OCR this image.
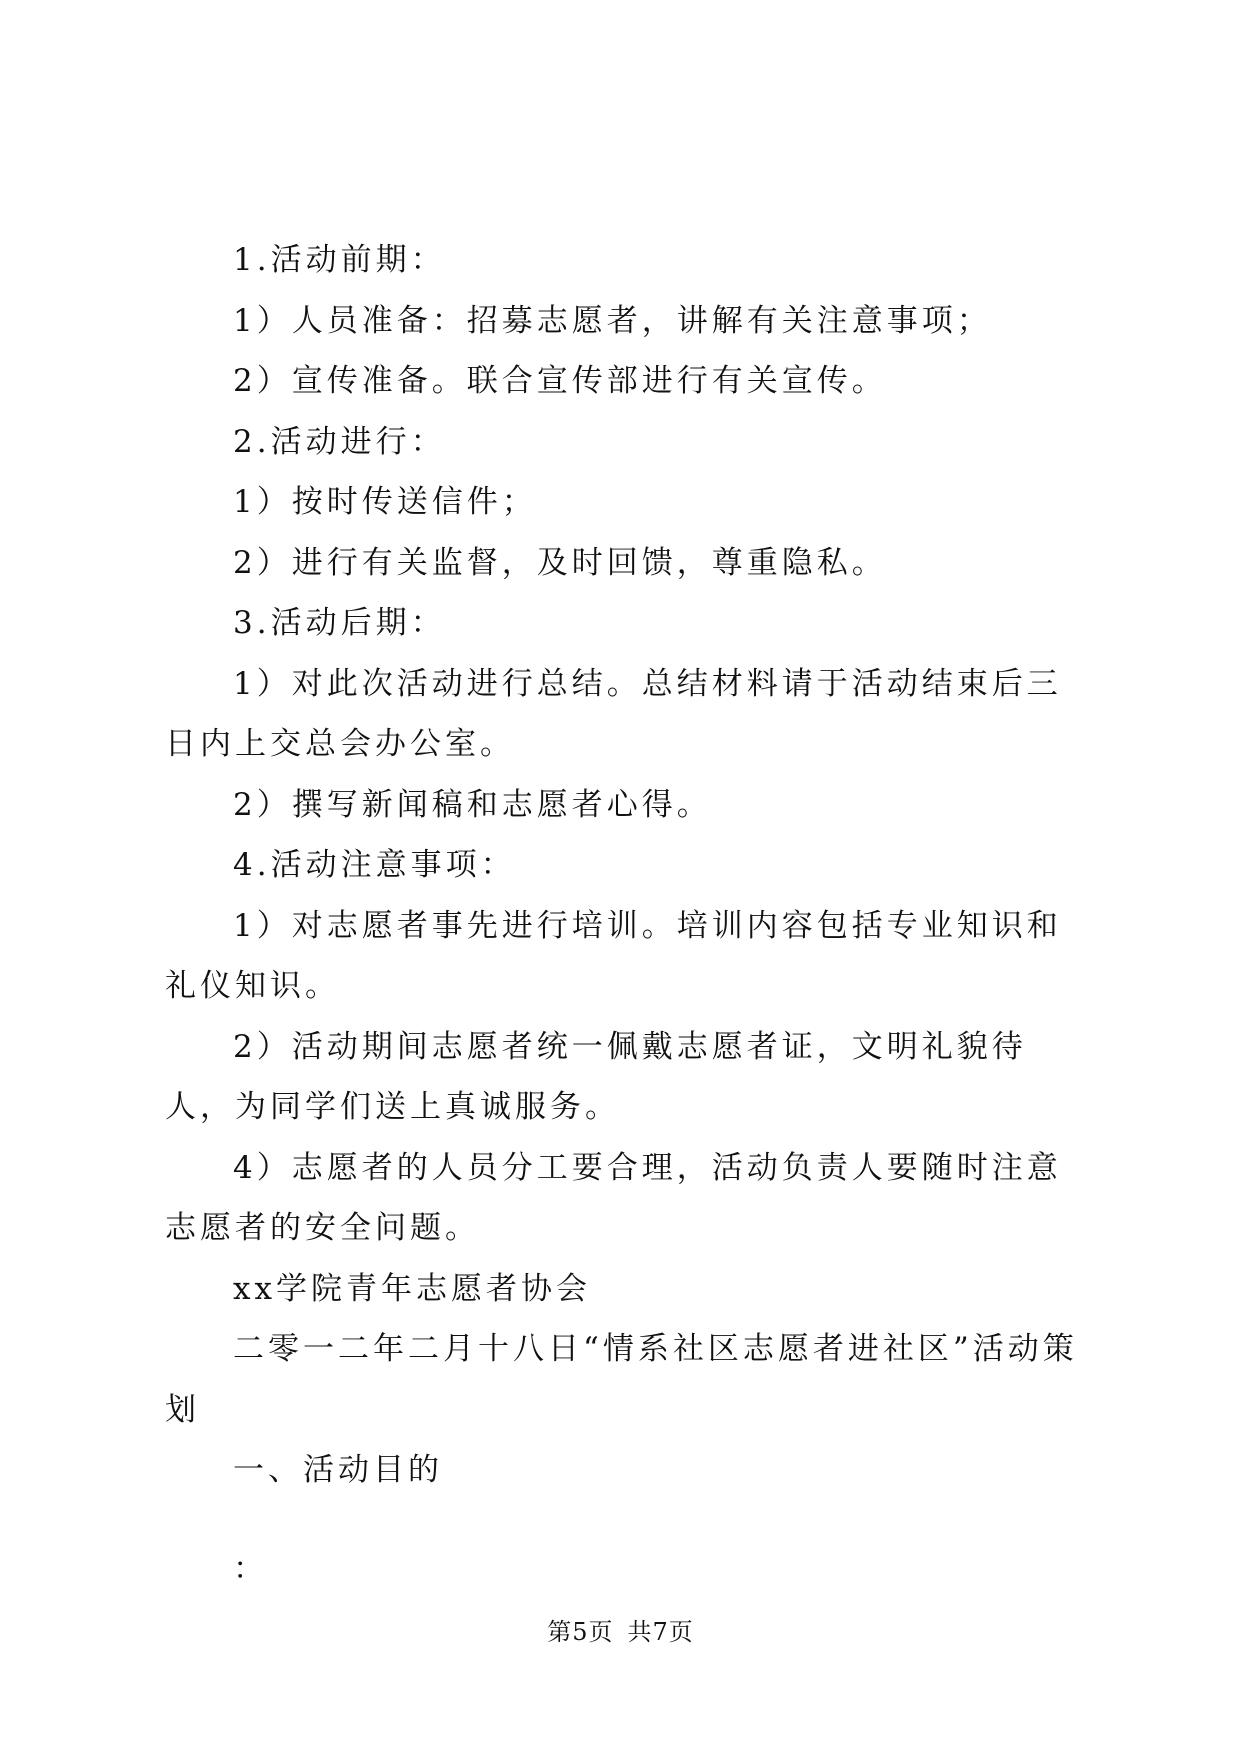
1.活动前期：

1）人员准备：招募志愿者，讲解有关注意事项；

2）宣传准备。联合宣传部进行有关宣传。

2.活动进行：

1）按时传送信件；

2）进行有关监督，及时回馈，尊重隐私。

3.活动后期：

1）对此次活动进行总结。总结材料请于活动结束后三日内上交总会办公室。

2）撰写新闻稿和志愿者心得。

4.活动注意事项：

1）对志愿者事先进行培训。培训内容包括专业知识和礼仪知识。

2）活动期间志愿者统一佩戴志愿者证，文明礼貌待人，为同学们送上真诚服务。

4）志愿者的人员分工要合理，活动负责人要随时注意志愿者的安全问题。

xx学院青年志愿者协会

二零一二年二月十八日“情系社区志愿者进社区”活动策划

一、活动目的

：

第5页 共7页
